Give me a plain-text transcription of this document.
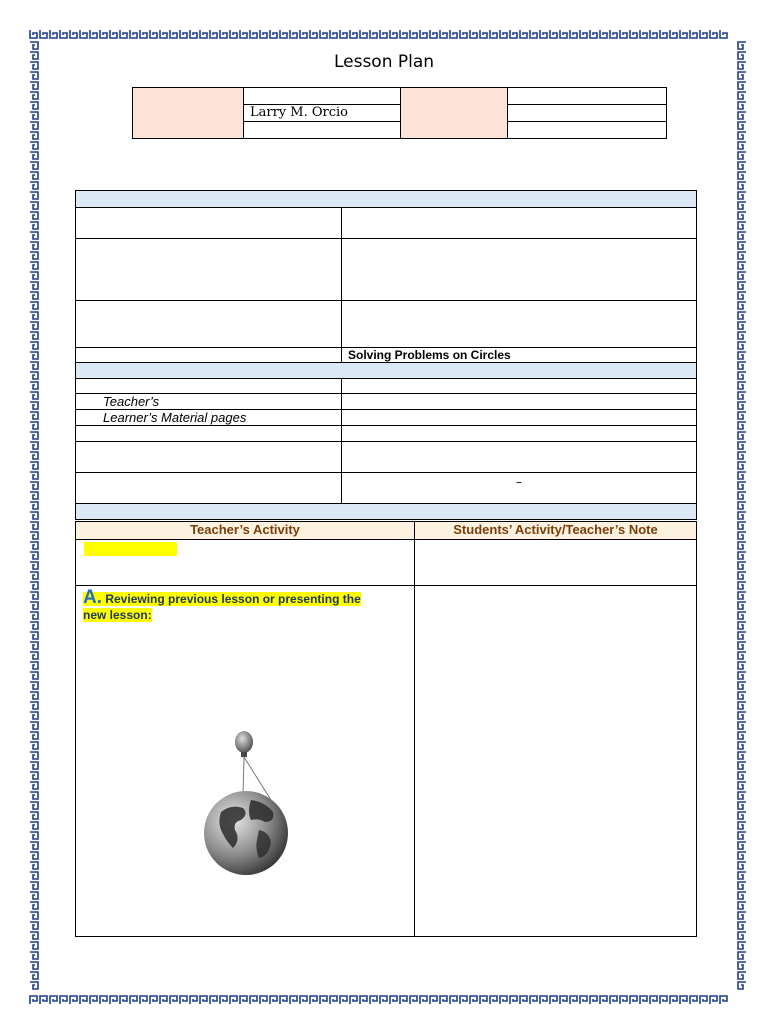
Lesson Plan

	Larry M. Orcio		

	Solving Problems on Circles

Teacher’s	
Learner’s Material pages	

	–

Teacher’s Activity	Students’ Activity/Teacher’s Note

A. Reviewing previous lesson or presenting the new lesson:	
